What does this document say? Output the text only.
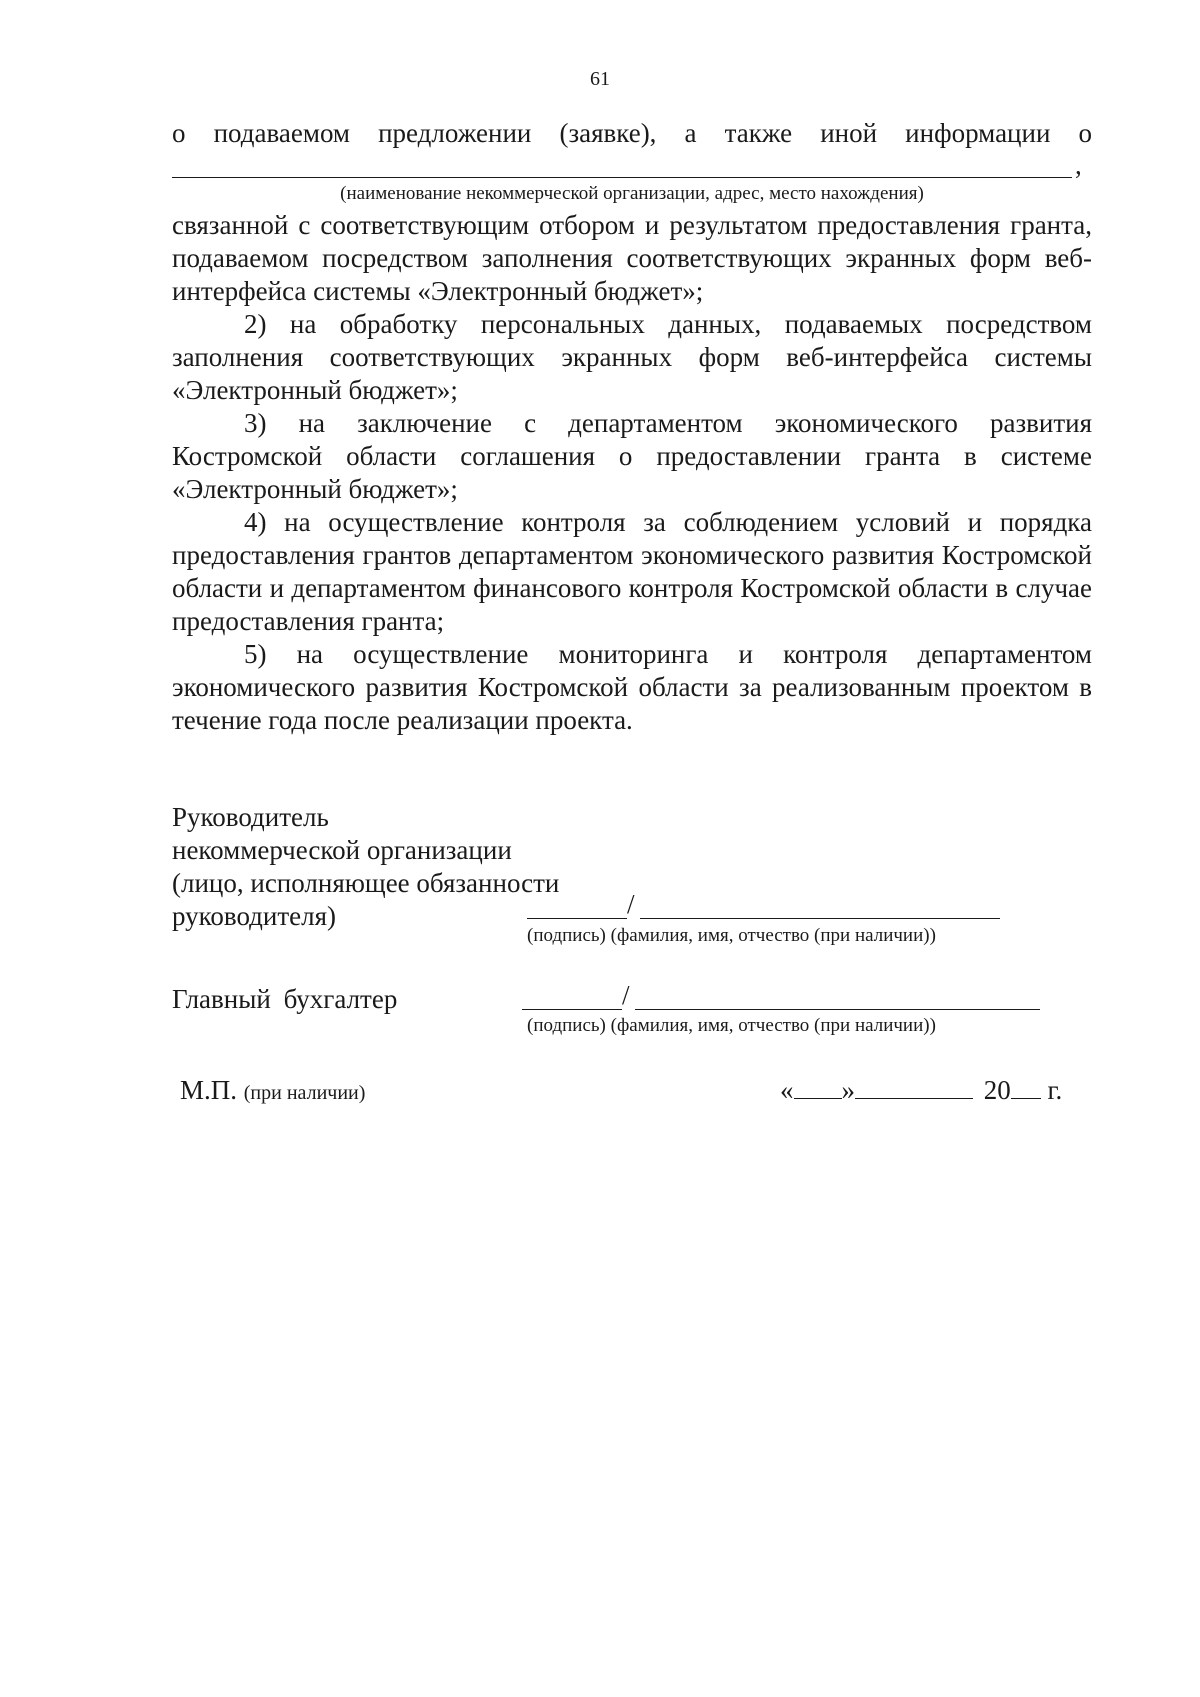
61
о подаваемом предложении (заявке), а также иной информации о
,
(наименование некоммерческой организации, адрес, место нахождения)

связанной с соответствующим отбором и результатом предоставления гранта, подаваемом посредством заполнения соответствующих экранных форм веб-интерфейса системы «Электронный бюджет»;

2) на обработку персональных данных, подаваемых посредством заполнения соответствующих экранных форм веб-интерфейса системы «Электронный бюджет»;

3) на заключение с департаментом экономического развития Костромской области соглашения о предоставлении гранта в системе «Электронный бюджет»;

4) на осуществление контроля за соблюдением условий и порядка предоставления грантов департаментом экономического развития Костромской области и департаментом финансового контроля Костромской области в случае предоставления гранта;

5) на осуществление мониторинга и контроля департаментом экономического развития Костромской области за реализованным проектом в течение года после реализации проекта.

Руководитель

некоммерческой организации

(лицо, исполняющее обязанности

руководителя)	/
(подпись) (фамилия, имя, отчество (при наличии))
Главный бухгалтер	/
(подпись) (фамилия, имя, отчество (при наличии))
М.П. (при наличии)	« »	20 г.
